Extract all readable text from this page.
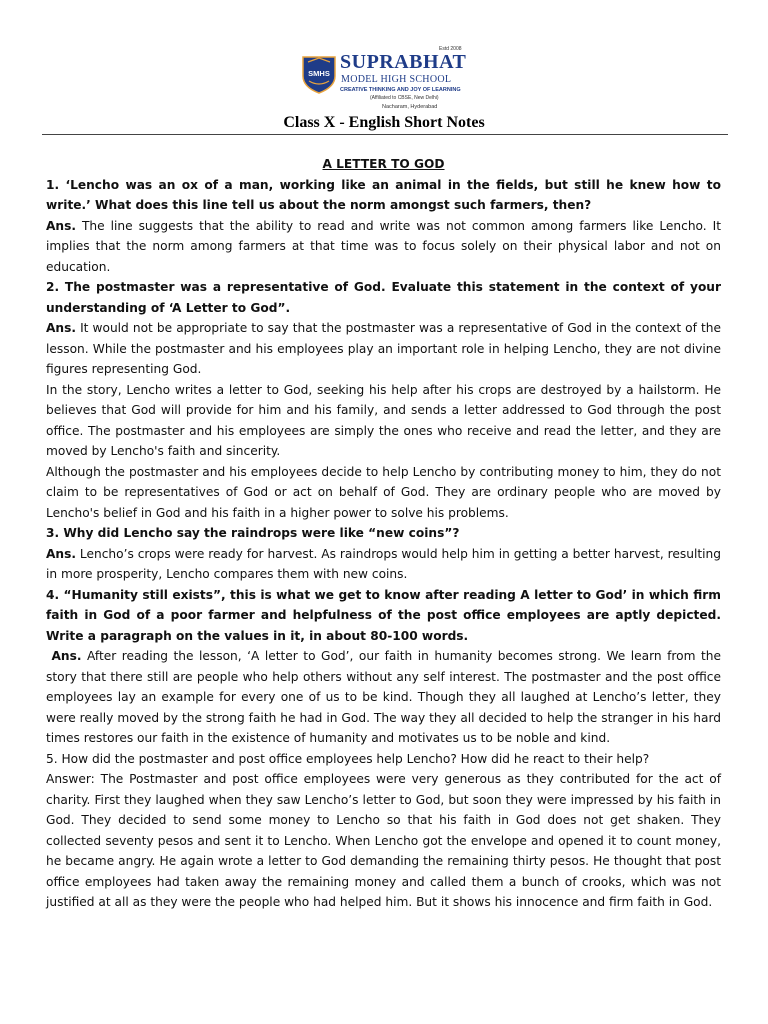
SMHS
Estd 2008
SUPRABHAT
MODEL HIGH SCHOOL
CREATIVE THINKING AND JOY OF LEARNING
(Affiliated to CBSE, New Delhi)
Nacharam, Hyderabad
Class X - English Short Notes

A LETTER TO GOD

1. ‘Lencho was an ox of a man, working like an animal in the fields, but still he knew how to write.’ What does this line tell us about the norm amongst such farmers, then?

Ans. The line suggests that the ability to read and write was not common among farmers like Lencho. It implies that the norm among farmers at that time was to focus solely on their physical labor and not on education.

2. The postmaster was a representative of God. Evaluate this statement in the context of your understanding of ‘A Letter to God”.

Ans. It would not be appropriate to say that the postmaster was a representative of God in the context of the lesson. While the postmaster and his employees play an important role in helping Lencho, they are not divine figures representing God.

In the story, Lencho writes a letter to God, seeking his help after his crops are destroyed by a hailstorm. He believes that God will provide for him and his family, and sends a letter addressed to God through the post office. The postmaster and his employees are simply the ones who receive and read the letter, and they are moved by Lencho's faith and sincerity.

Although the postmaster and his employees decide to help Lencho by contributing money to him, they do not claim to be representatives of God or act on behalf of God. They are ordinary people who are moved by Lencho's belief in God and his faith in a higher power to solve his problems.

3. Why did Lencho say the raindrops were like “new coins”?

Ans. Lencho’s crops were ready for harvest. As raindrops would help him in getting a better harvest, resulting in more prosperity, Lencho compares them with new coins.

4. “Humanity still exists”, this is what we get to know after reading A letter to God’ in which firm faith in God of a poor farmer and helpfulness of the post office employees are aptly depicted. Write a paragraph on the values in it, in about 80-100 words.

Ans. After reading the lesson, ‘A letter to God’, our faith in humanity becomes strong. We learn from the story that there still are people who help others without any self interest. The postmaster and the post office employees lay an example for every one of us to be kind. Though they all laughed at Lencho’s letter, they were really moved by the strong faith he had in God. The way they all decided to help the stranger in his hard times restores our faith in the existence of humanity and motivates us to be noble and kind.

5. How did the postmaster and post office employees help Lencho? How did he react to their help?

Answer: The Postmaster and post office employees were very generous as they contributed for the act of charity. First they laughed when they saw Lencho’s letter to God, but soon they were impressed by his faith in God. They decided to send some money to Lencho so that his faith in God does not get shaken. They collected seventy pesos and sent it to Lencho. When Lencho got the envelope and opened it to count money, he became angry. He again wrote a letter to God demanding the remaining thirty pesos. He thought that post office employees had taken away the remaining money and called them a bunch of crooks, which was not justified at all as they were the people who had helped him. But it shows his innocence and firm faith in God.
